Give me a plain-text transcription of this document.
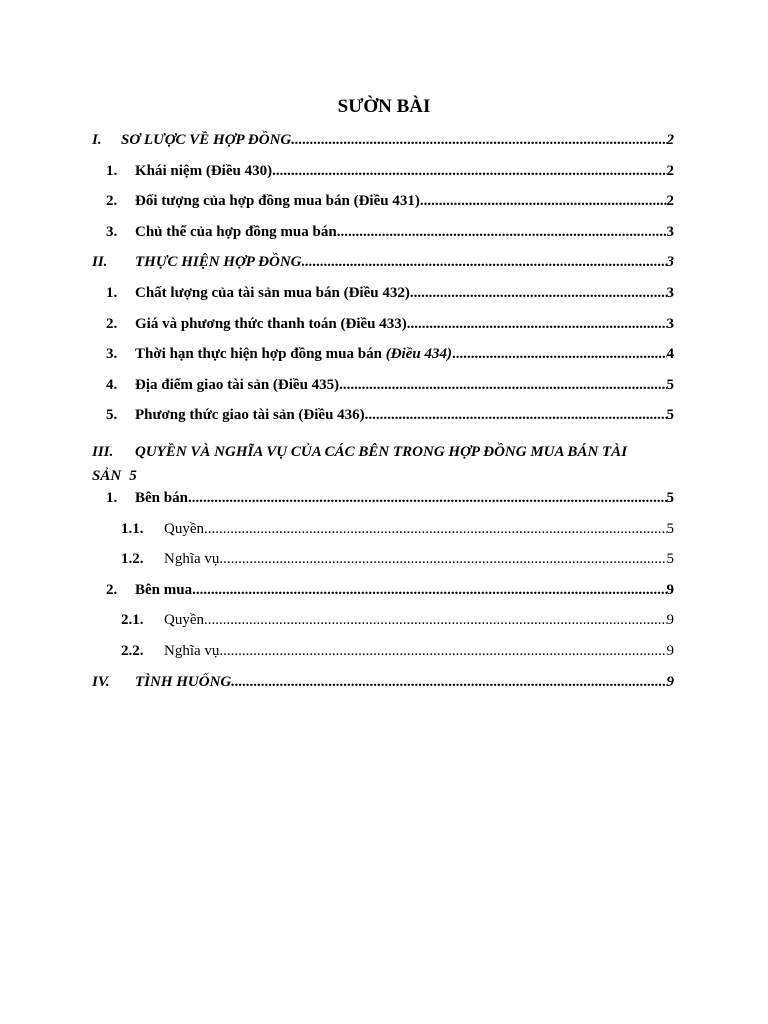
SƯỜN BÀI
I.	SƠ LƯỢC VỀ HỢP ĐỒNG .....	2
1.	Khái niệm (Điều 430) .....	2
2.	Đối tượng của hợp đồng mua bán (Điều 431) .....	2
3.	Chủ thể của hợp đồng mua bán .....	3
II.	THỰC HIỆN HỢP ĐỒNG .....	3
1.	Chất lượng của tài sản mua bán (Điều 432) .....	3
2.	Giá và phương thức thanh toán (Điều 433) .....	3
3.	Thời hạn thực hiện hợp đồng mua bán (Điều 434) .....	4
4.	Địa điểm giao tài sản (Điều 435) .....	5
5.	Phương thức giao tài sản (Điều 436) .....	5
III. QUYỀN VÀ NGHĨA VỤ CỦA CÁC BÊN TRONG HỢP ĐỒNG MUA BÁN TÀI SẢN 5
1.	Bên bán .....	5
1.1.	Quyền .....	5
1.2.	Nghĩa vụ .....	5
2.	Bên mua .....	9
2.1.	Quyền .....	9
2.2.	Nghĩa vụ .....	9
IV.	TÌNH HUỐNG .....	9
